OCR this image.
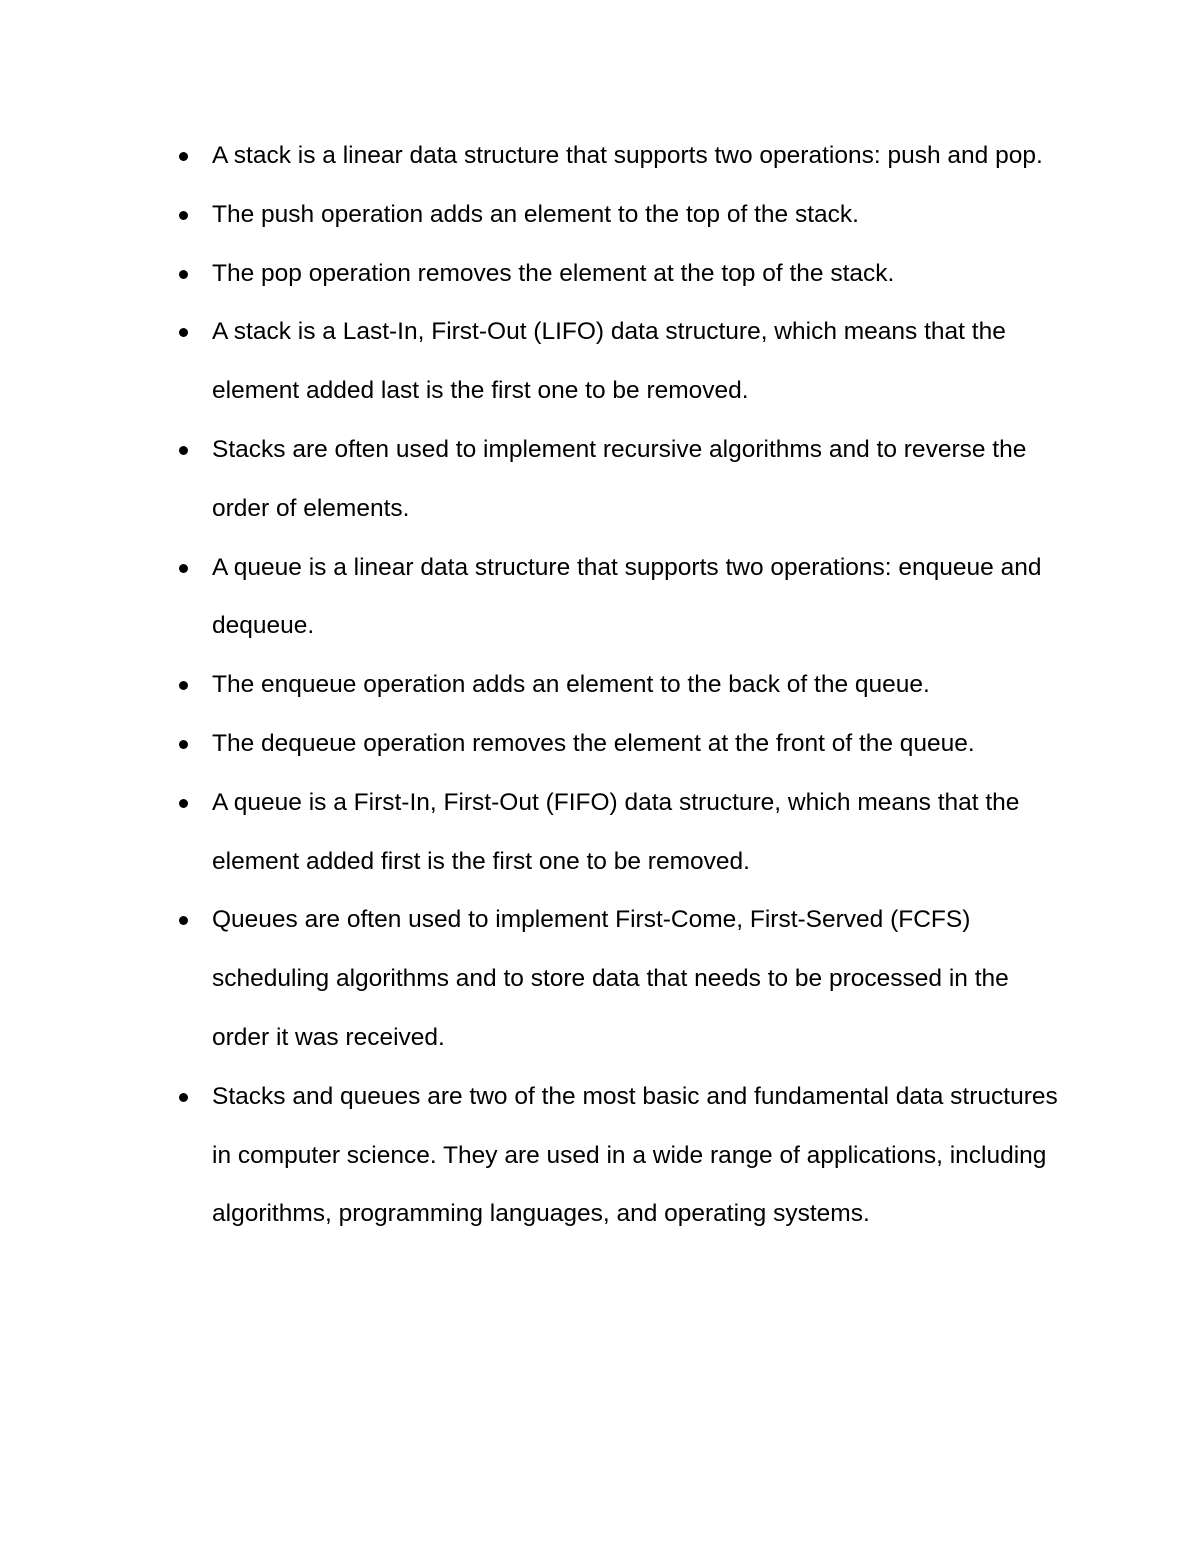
A stack is a linear data structure that supports two operations: push and pop.
The push operation adds an element to the top of the stack.
The pop operation removes the element at the top of the stack.
A stack is a Last-In, First-Out (LIFO) data structure, which means that the element added last is the first one to be removed.
Stacks are often used to implement recursive algorithms and to reverse the order of elements.
A queue is a linear data structure that supports two operations: enqueue and dequeue.
The enqueue operation adds an element to the back of the queue.
The dequeue operation removes the element at the front of the queue.
A queue is a First-In, First-Out (FIFO) data structure, which means that the element added first is the first one to be removed.
Queues are often used to implement First-Come, First-Served (FCFS) scheduling algorithms and to store data that needs to be processed in the order it was received.
Stacks and queues are two of the most basic and fundamental data structures in computer science. They are used in a wide range of applications, including algorithms, programming languages, and operating systems.
